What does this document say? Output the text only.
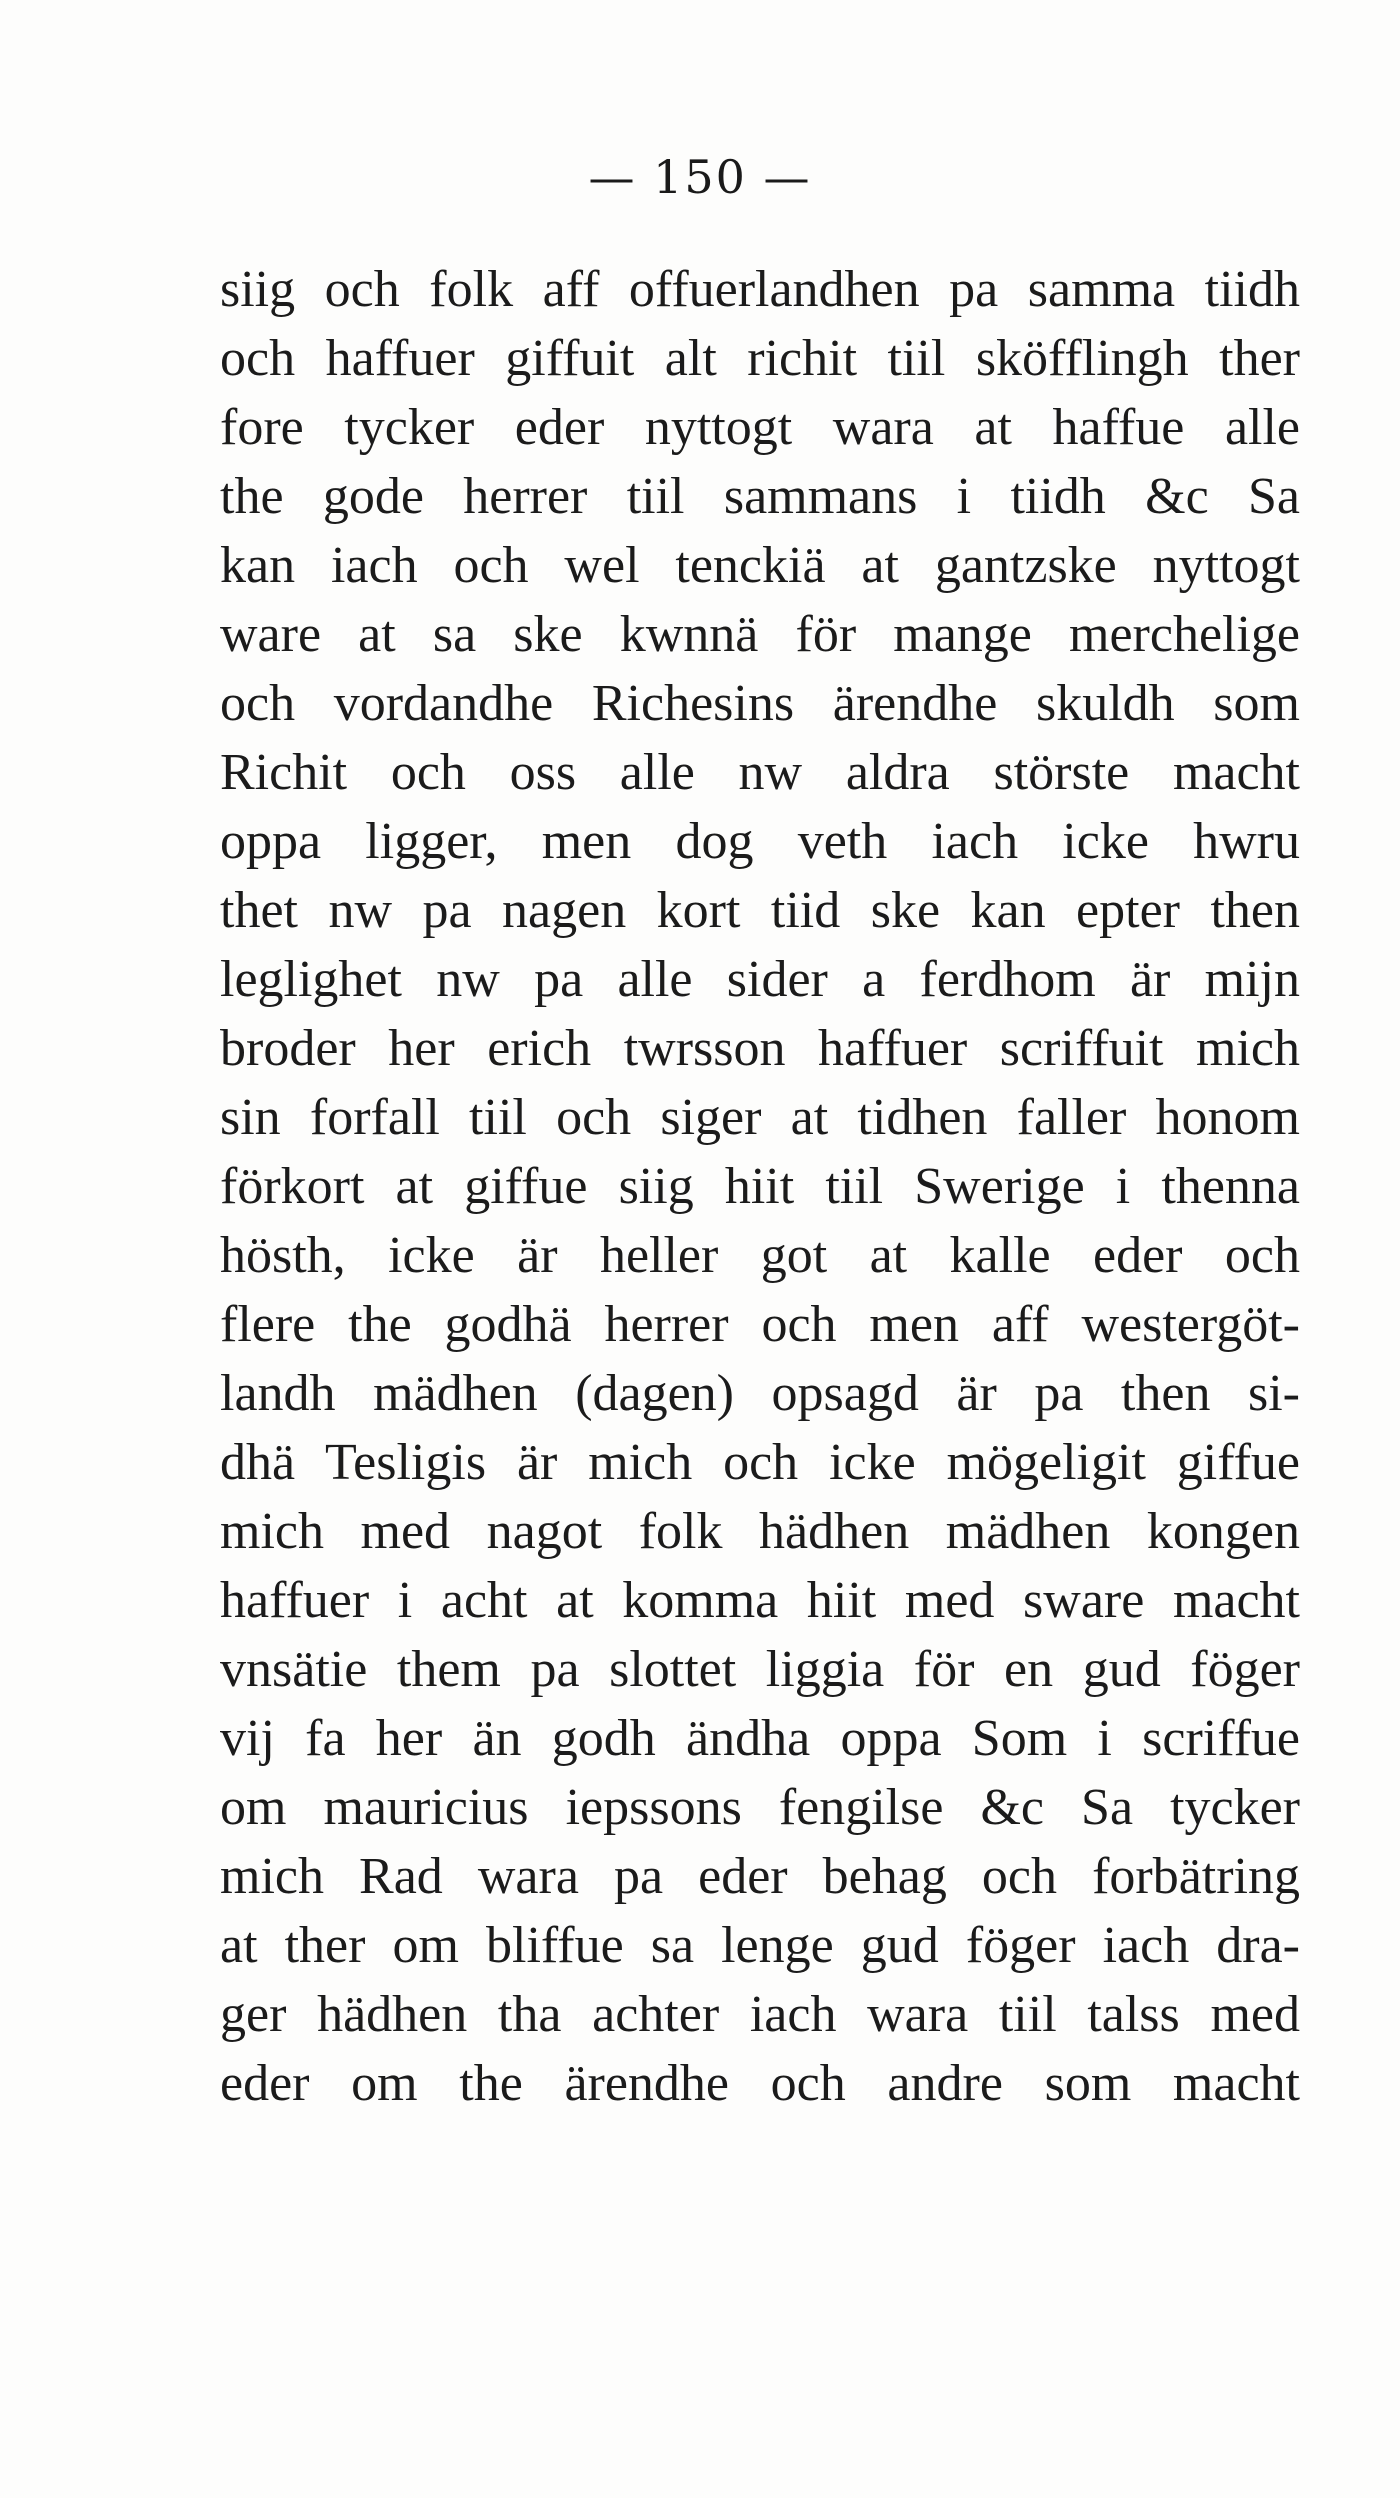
— 150 —
siig och folk aff offuerlandhen pa samma tiidh
och haffuer giffuit alt richit tiil sköfflingh ther
fore tycker eder nyttogt wara at haffue alle
the gode herrer tiil sammans i tiidh &c Sa
kan iach och wel tenckiä at gantzske nyttogt
ware at sa ske kwnnä för mange merchelige
och vordandhe Richesins ärendhe skuldh som
Richit och oss alle nw aldra störste macht
oppa ligger, men dog veth iach icke hwru
thet nw pa nagen kort tiid ske kan epter then
leglighet nw pa alle sider a ferdhom är mijn
broder her erich twrsson haffuer scriffuit mich
sin forfall tiil och siger at tidhen faller honom
förkort at giffue siig hiit tiil Swerige i thenna
hösth, icke är heller got at kalle eder och
flere the godhä herrer och men aff westergöt-
landh mädhen (dagen) opsagd är pa then si-
dhä Tesligis är mich och icke mögeligit giffue
mich med nagot folk hädhen mädhen kongen
haffuer i acht at komma hiit med sware macht
vnsätie them pa slottet liggia för en gud föger
vij fa her än godh ändha oppa Som i scriffue
om mauricius iepssons fengilse &c Sa tycker
mich Rad wara pa eder behag och forbätring
at ther om bliffue sa lenge gud föger iach dra-
ger hädhen tha achter iach wara tiil talss med
eder om the ärendhe och andre som macht
